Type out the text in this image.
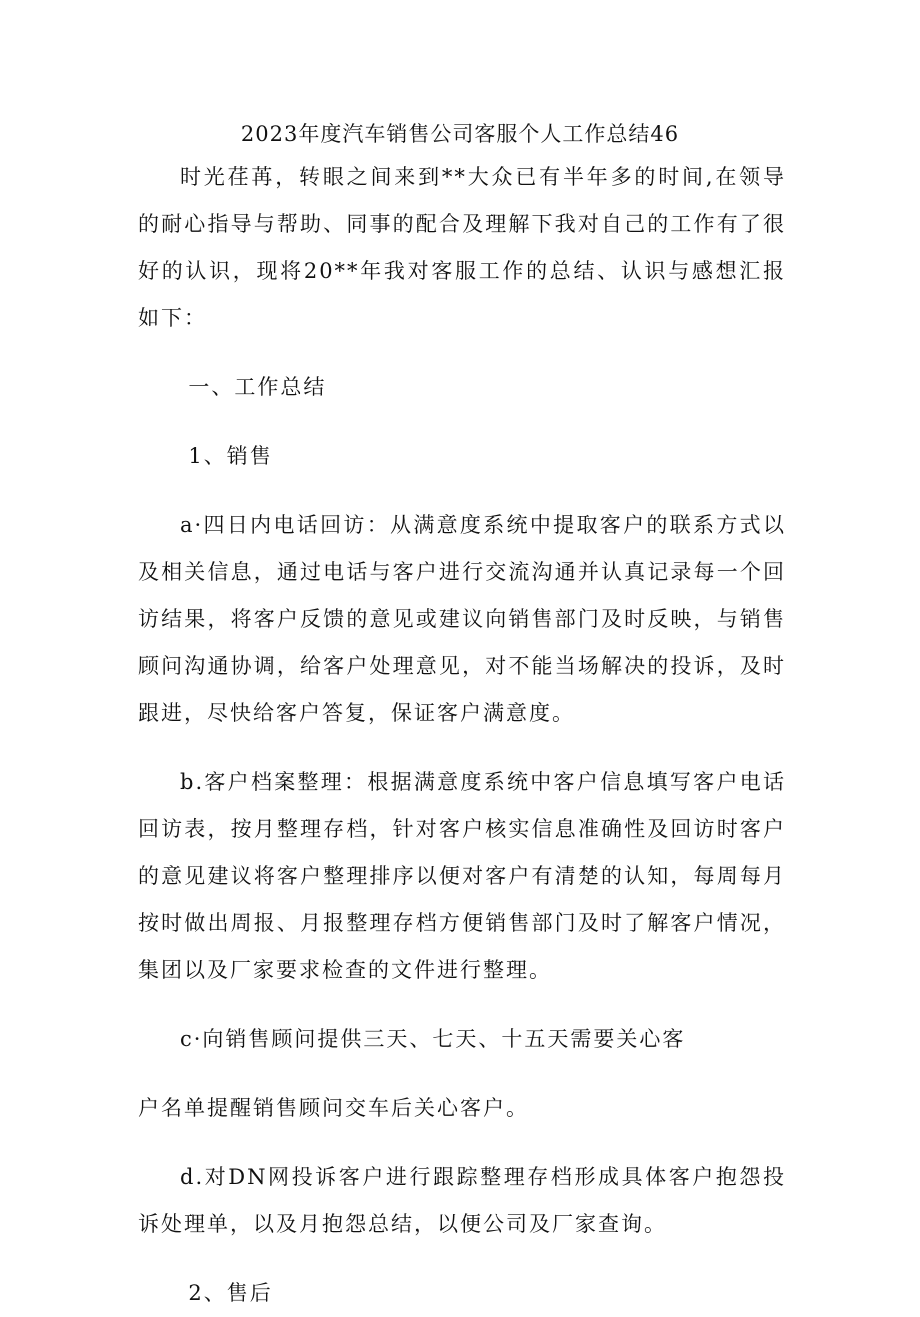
2023年度汽车销售公司客服个人工作总结46

时光荏苒，转眼之间来到**大众已有半年多的时间,在领导的耐心指导与帮助、同事的配合及理解下我对自己的工作有了很好的认识，现将20**年我对客服工作的总结、认识与感想汇报如下：

一、工作总结

1、销售

a·四日内电话回访：从满意度系统中提取客户的联系方式以及相关信息，通过电话与客户进行交流沟通并认真记录每一个回访结果，将客户反馈的意见或建议向销售部门及时反映，与销售顾问沟通协调，给客户处理意见，对不能当场解决的投诉，及时跟进，尽快给客户答复，保证客户满意度。

b.客户档案整理：根据满意度系统中客户信息填写客户电话回访表，按月整理存档，针对客户核实信息准确性及回访时客户的意见建议将客户整理排序以便对客户有清楚的认知，每周每月按时做出周报、月报整理存档方便销售部门及时了解客户情况，集团以及厂家要求检查的文件进行整理。

c·向销售顾问提供三天、七天、十五天需要关心客

户名单提醒销售顾问交车后关心客户。

d.对DN网投诉客户进行跟踪整理存档形成具体客户抱怨投诉处理单，以及月抱怨总结，以便公司及厂家查询。

2、售后
